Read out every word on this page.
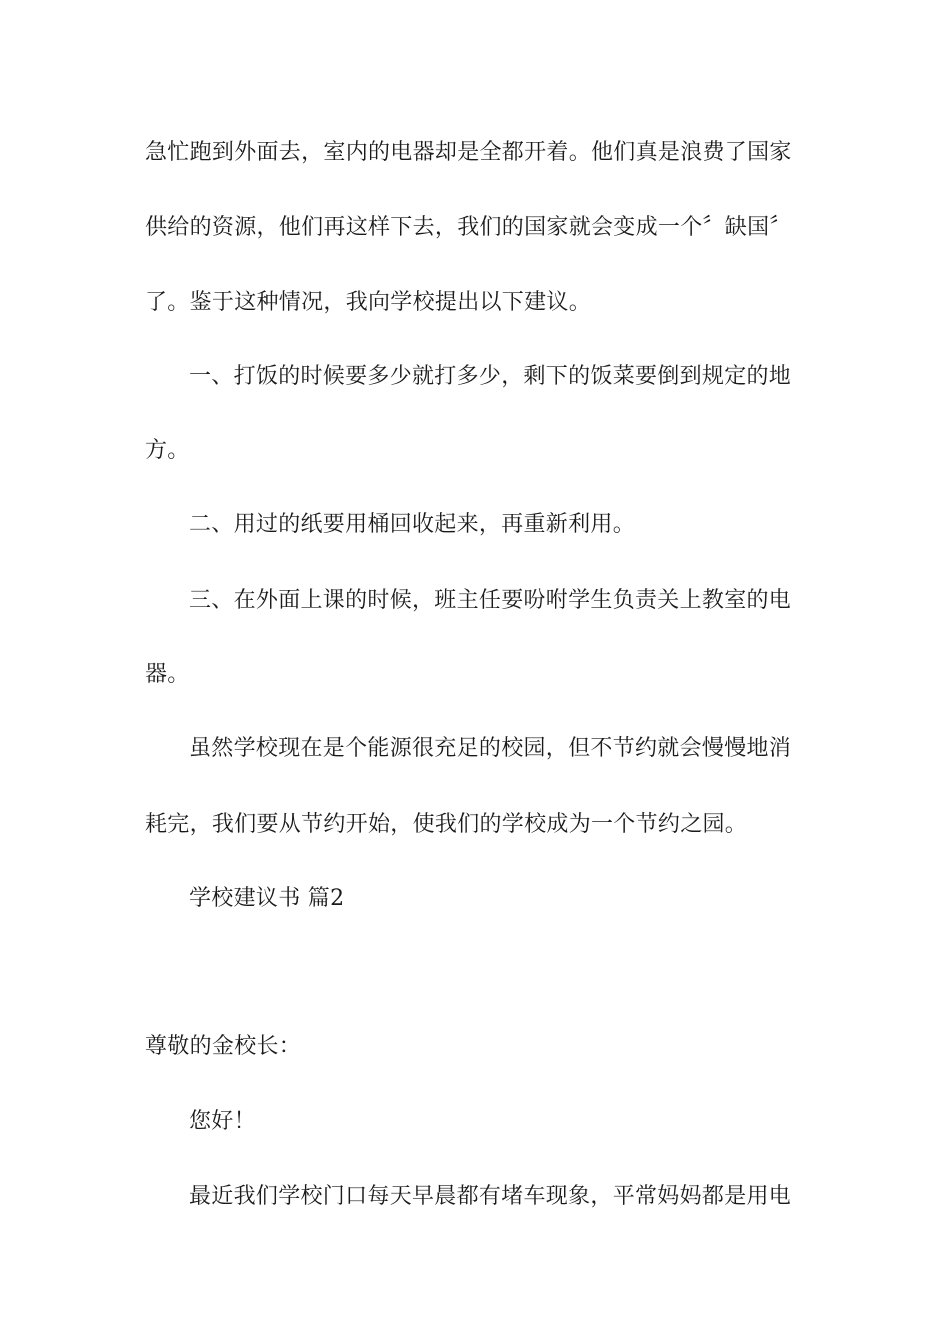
急忙跑到外面去，室内的电器却是全都开着。他们真是浪费了国家
供给的资源，他们再这样下去，我们的国家就会变成一个〞缺国〞
了。鉴于这种情况，我向学校提出以下建议。
一、打饭的时候要多少就打多少，剩下的饭菜要倒到规定的地
方。
二、用过的纸要用桶回收起来，再重新利用。
三、在外面上课的时候，班主任要吩咐学生负责关上教室的电
器。
虽然学校现在是个能源很充足的校园，但不节约就会慢慢地消
耗完，我们要从节约开始，使我们的学校成为一个节约之园。
学校建议书 篇2
尊敬的金校长：
您好！
最近我们学校门口每天早晨都有堵车现象，平常妈妈都是用电
